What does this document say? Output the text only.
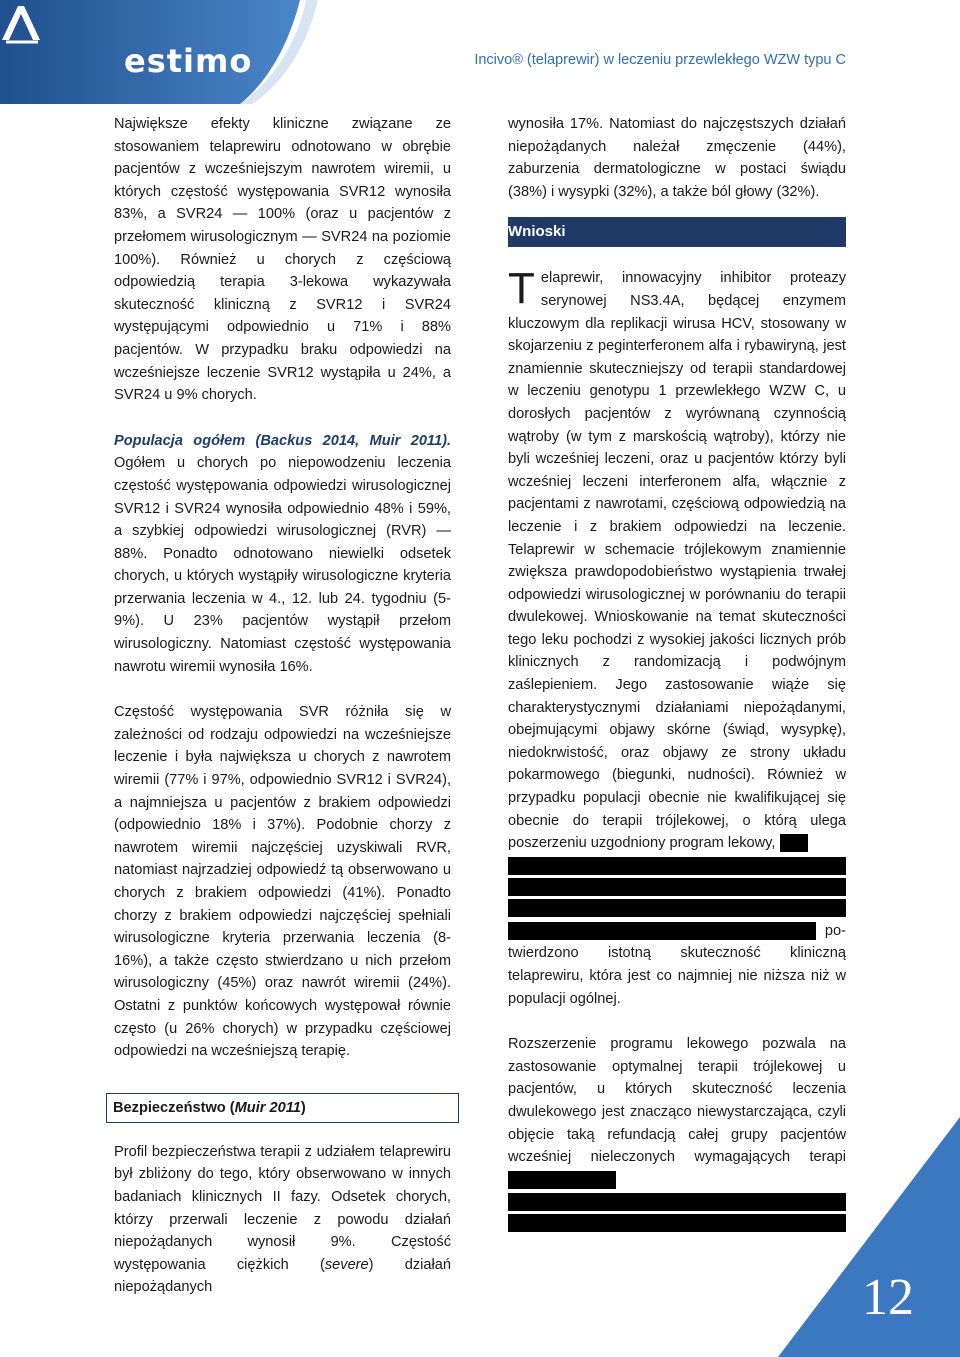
estimo	Incivo® (telaprewir) w leczeniu przewlekłego WZW typu C

Największe efekty kliniczne związane ze stosowaniem telaprewiru odnotowano w obrębie pacjentów z wcześniejszym nawrotem wiremii, u których częstość występowania SVR12 wynosiła 83%, a SVR24 — 100% (oraz u pacjentów z przełomem wirusologicznym — SVR24 na poziomie 100%). Również u chorych z częściową odpowiedzią terapia 3-lekowa wykazywała skuteczność kliniczną z SVR12 i SVR24 występującymi odpowiednio u 71% i 88% pacjentów. W przypadku braku odpowiedzi na wcześniejsze leczenie SVR12 wystąpiła u 24%, a SVR24 u 9% chorych.

Populacja ogółem (Backus 2014, Muir 2011). Ogółem u chorych po niepowodzeniu leczenia częstość występowania odpowiedzi wirusologicznej SVR12 i SVR24 wynosiła odpowiednio 48% i 59%, a szybkiej odpowiedzi wirusologicznej (RVR) — 88%. Ponadto odnotowano niewielki odsetek chorych, u których wystąpiły wirusologiczne kryteria przerwania leczenia w 4., 12. lub 24. tygodniu (5-9%). U 23% pacjentów wystąpił przełom wirusologiczny. Natomiast częstość występowania nawrotu wiremii wynosiła 16%.

Częstość występowania SVR różniła się w zależności od rodzaju odpowiedzi na wcześniejsze leczenie i była największa u chorych z nawrotem wiremii (77% i 97%, odpowiednio SVR12 i SVR24), a najmniejsza u pacjentów z brakiem odpowiedzi (odpowiednio 18% i 37%). Podobnie chorzy z nawrotem wiremii najczęściej uzyskiwali RVR, natomiast najrzadziej odpowiedź tą obserwowano u chorych z brakiem odpowiedzi (41%). Ponadto chorzy z brakiem odpowiedzi najczęściej spełniali wirusologiczne kryteria przerwania leczenia (8-16%), a także często stwierdzano u nich przełom wirusologiczny (45%) oraz nawrót wiremii (24%). Ostatni z punktów końcowych występował równie często (u 26% chorych) w przypadku częściowej odpowiedzi na wcześniejszą terapię.

Bezpieczeństwo (Muir 2011)

Profil bezpieczeństwa terapii z udziałem telaprewiru był zbliżony do tego, który obserwowano w innych badaniach klinicznych II fazy. Odsetek chorych, którzy przerwali leczenie z powodu działań niepożądanych wynosił 9%. Częstość występowania ciężkich (severe) działań niepożądanych

wynosiła 17%. Natomiast do najczęstszych działań niepożądanych należał zmęczenie (44%), zaburzenia dermatologiczne w postaci świądu (38%) i wysypki (32%), a także ból głowy (32%).

Wnioski

Telaprewir, innowacyjny inhibitor proteazy serynowej NS3.4A, będącej enzymem kluczowym dla replikacji wirusa HCV, stosowany w skojarzeniu z peginterferonem alfa i rybawiryną, jest znamiennie skuteczniejszy od terapii standardowej w leczeniu genotypu 1 przewlekłego WZW C, u dorosłych pacjentów z wyrównaną czynnością wątroby (w tym z marskością wątroby), którzy nie byli wcześniej leczeni, oraz u pacjentów którzy byli wcześniej leczeni interferonem alfa, włącznie z pacjentami z nawrotami, częściową odpowiedzią na leczenie i z brakiem odpowiedzi na leczenie. Telaprewir w schemacie trójlekowym znamiennie zwiększa prawdopodobieństwo wystąpienia trwałej odpowiedzi wirusologicznej w porównaniu do terapii dwulekowej. Wnioskowanie na temat skuteczności tego leku pochodzi z wysokiej jakości licznych prób klinicznych z randomizacją i podwójnym zaślepieniem. Jego zastosowanie wiąże się charakterystycznymi działaniami niepożądanymi, obejmującymi objawy skórne (świąd, wysypkę), niedokrwistość, oraz objawy ze strony układu pokarmowego (biegunki, nudności). Również w przypadku populacji obecnie nie kwalifikującej się obecnie do terapii trójlekowej, o którą ulega poszerzeniu uzgodniony program lekowy,

po- twierdzono istotną skuteczność kliniczną telaprewiru, która jest co najmniej nie niższa niż w populacji ogólnej.

Rozszerzenie programu lekowego pozwala na zastosowanie optymalnej terapii trójlekowej u pacjentów, u których skuteczność leczenia dwulekowego jest znacząco niewystarczająca, czyli objęcie taką refundacją całej grupy pacjentów wcześniej nieleczonych wymagających terapi

12
